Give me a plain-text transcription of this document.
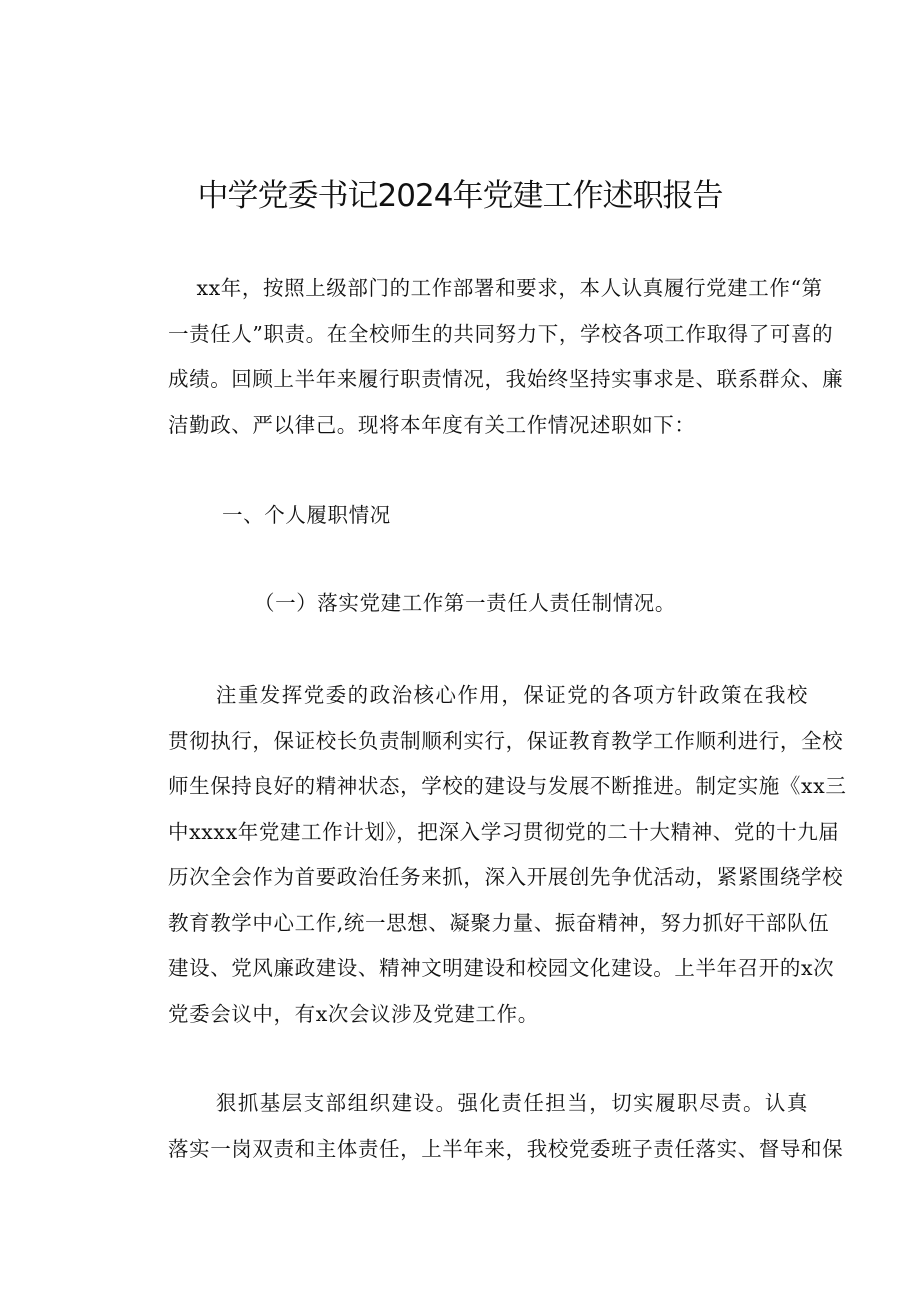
中学党委书记2024年党建工作述职报告
xx年，按照上级部门的工作部署和要求，本人认真履行党建工作“第
一责任人”职责。在全校师生的共同努力下，学校各项工作取得了可喜的
成绩。回顾上半年来履行职责情况，我始终坚持实事求是、联系群众、廉
洁勤政、严以律己。现将本年度有关工作情况述职如下：
一、个人履职情况
（一）落实党建工作第一责任人责任制情况。
注重发挥党委的政治核心作用，保证党的各项方针政策在我校
贯彻执行，保证校长负责制顺利实行，保证教育教学工作顺利进行，全校
师生保持良好的精神状态，学校的建设与发展不断推进。制定实施《xx三
中xxxx年党建工作计划》，把深入学习贯彻党的二十大精神、党的十九届
历次全会作为首要政治任务来抓，深入开展创先争优活动，紧紧围绕学校
教育教学中心工作,统一思想、凝聚力量、振奋精神，努力抓好干部队伍
建设、党风廉政建设、精神文明建设和校园文化建设。上半年召开的x次
党委会议中，有x次会议涉及党建工作。
狠抓基层支部组织建设。强化责任担当，切实履职尽责。认真
落实一岗双责和主体责任，上半年来，我校党委班子责任落实、督导和保
